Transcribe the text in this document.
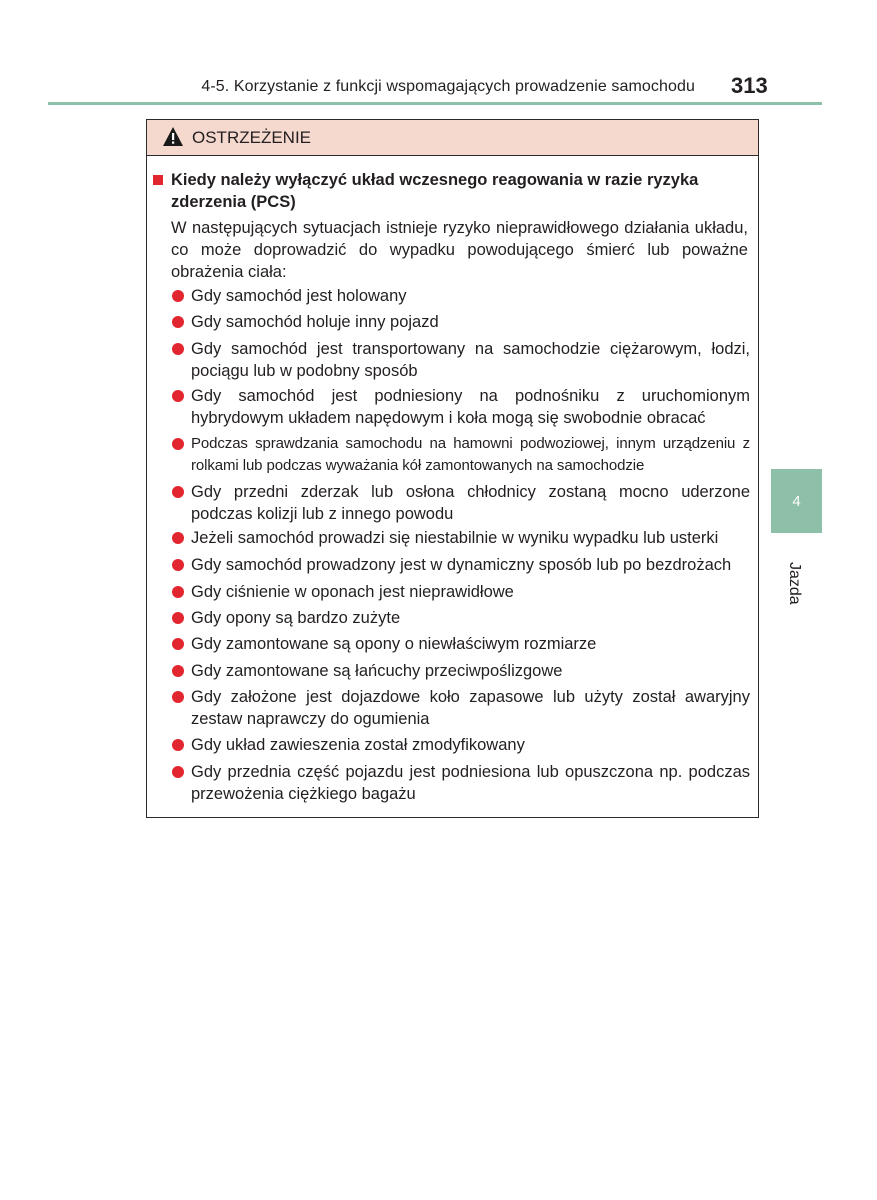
4-5. Korzystanie z funkcji wspomagających prowadzenie samochodu 313
OSTRZEŻENIE
Kiedy należy wyłączyć układ wczesnego reagowania w razie ryzyka zderzenia (PCS)
W następujących sytuacjach istnieje ryzyko nieprawidłowego działania układu, co może doprowadzić do wypadku powodującego śmierć lub poważne obrażenia ciała:
Gdy samochód jest holowany
Gdy samochód holuje inny pojazd
Gdy samochód jest transportowany na samochodzie ciężarowym, łodzi, pociągu lub w podobny sposób
Gdy samochód jest podniesiony na podnośniku z uruchomionym hybrydowym układem napędowym i koła mogą się swobodnie obracać
Podczas sprawdzania samochodu na hamowni podwoziowej, innym urządzeniu z rolkami lub podczas wyważania kół zamontowanych na samochodzie
Gdy przedni zderzak lub osłona chłodnicy zostaną mocno uderzone podczas kolizji lub z innego powodu
Jeżeli samochód prowadzi się niestabilnie w wyniku wypadku lub usterki
Gdy samochód prowadzony jest w dynamiczny sposób lub po bezdrożach
Gdy ciśnienie w oponach jest nieprawidłowe
Gdy opony są bardzo zużyte
Gdy zamontowane są opony o niewłaściwym rozmiarze
Gdy zamontowane są łańcuchy przeciwpoślizgowe
Gdy założone jest dojazdowe koło zapasowe lub użyty został awaryjny zestaw naprawczy do ogumienia
Gdy układ zawieszenia został zmodyfikowany
Gdy przednia część pojazdu jest podniesiona lub opuszczona np. podczas przewożenia ciężkiego bagażu
4
Jazda
